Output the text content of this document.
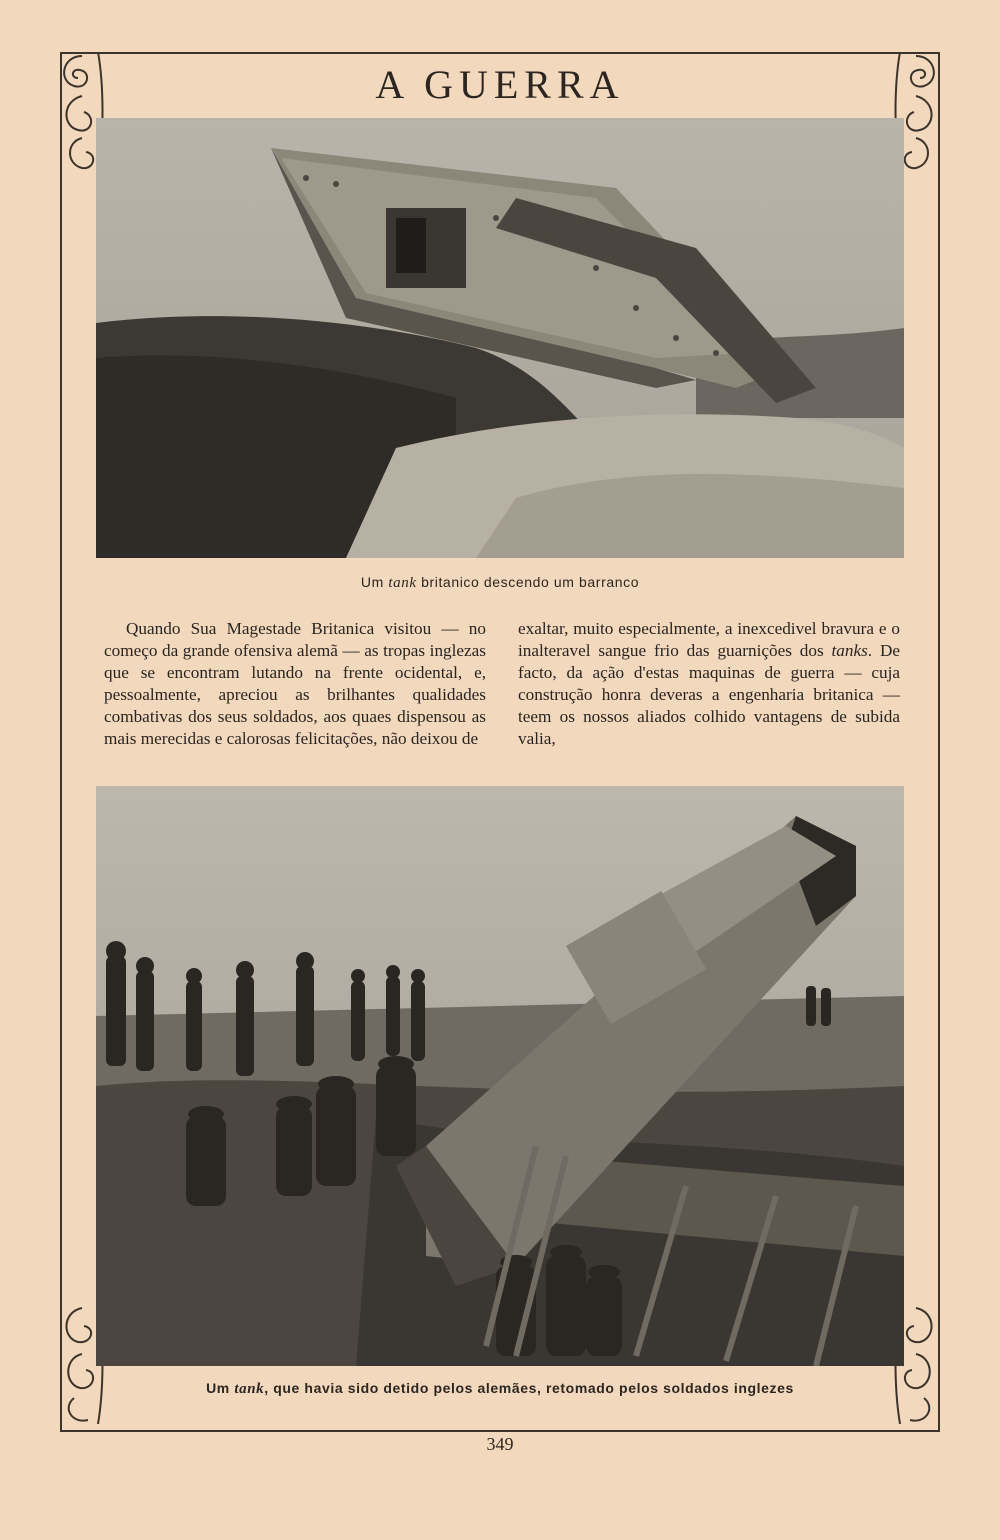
A GUERRA
Um tank britanico descendo um barranco

Quando Sua Magestade Britanica visitou — no começo da grande ofensiva alemã — as tropas inglezas que se encontram lutando na frente ocidental, e, pessoalmente, apreciou as brilhantes qualidades combativas dos seus soldados, aos quaes dispensou as mais merecidas e calorosas felicitações, não deixou de

exaltar, muito especialmente, a inexcedivel bravura e o inalteravel sangue frio das guarnições dos tanks. De facto, da ação d'estas maquinas de guerra — cuja construção honra deveras a engenharia britanica — teem os nossos aliados colhido vantagens de subida valia,

Um tank, que havia sido detido pelos alemães, retomado pelos soldados inglezes
349
